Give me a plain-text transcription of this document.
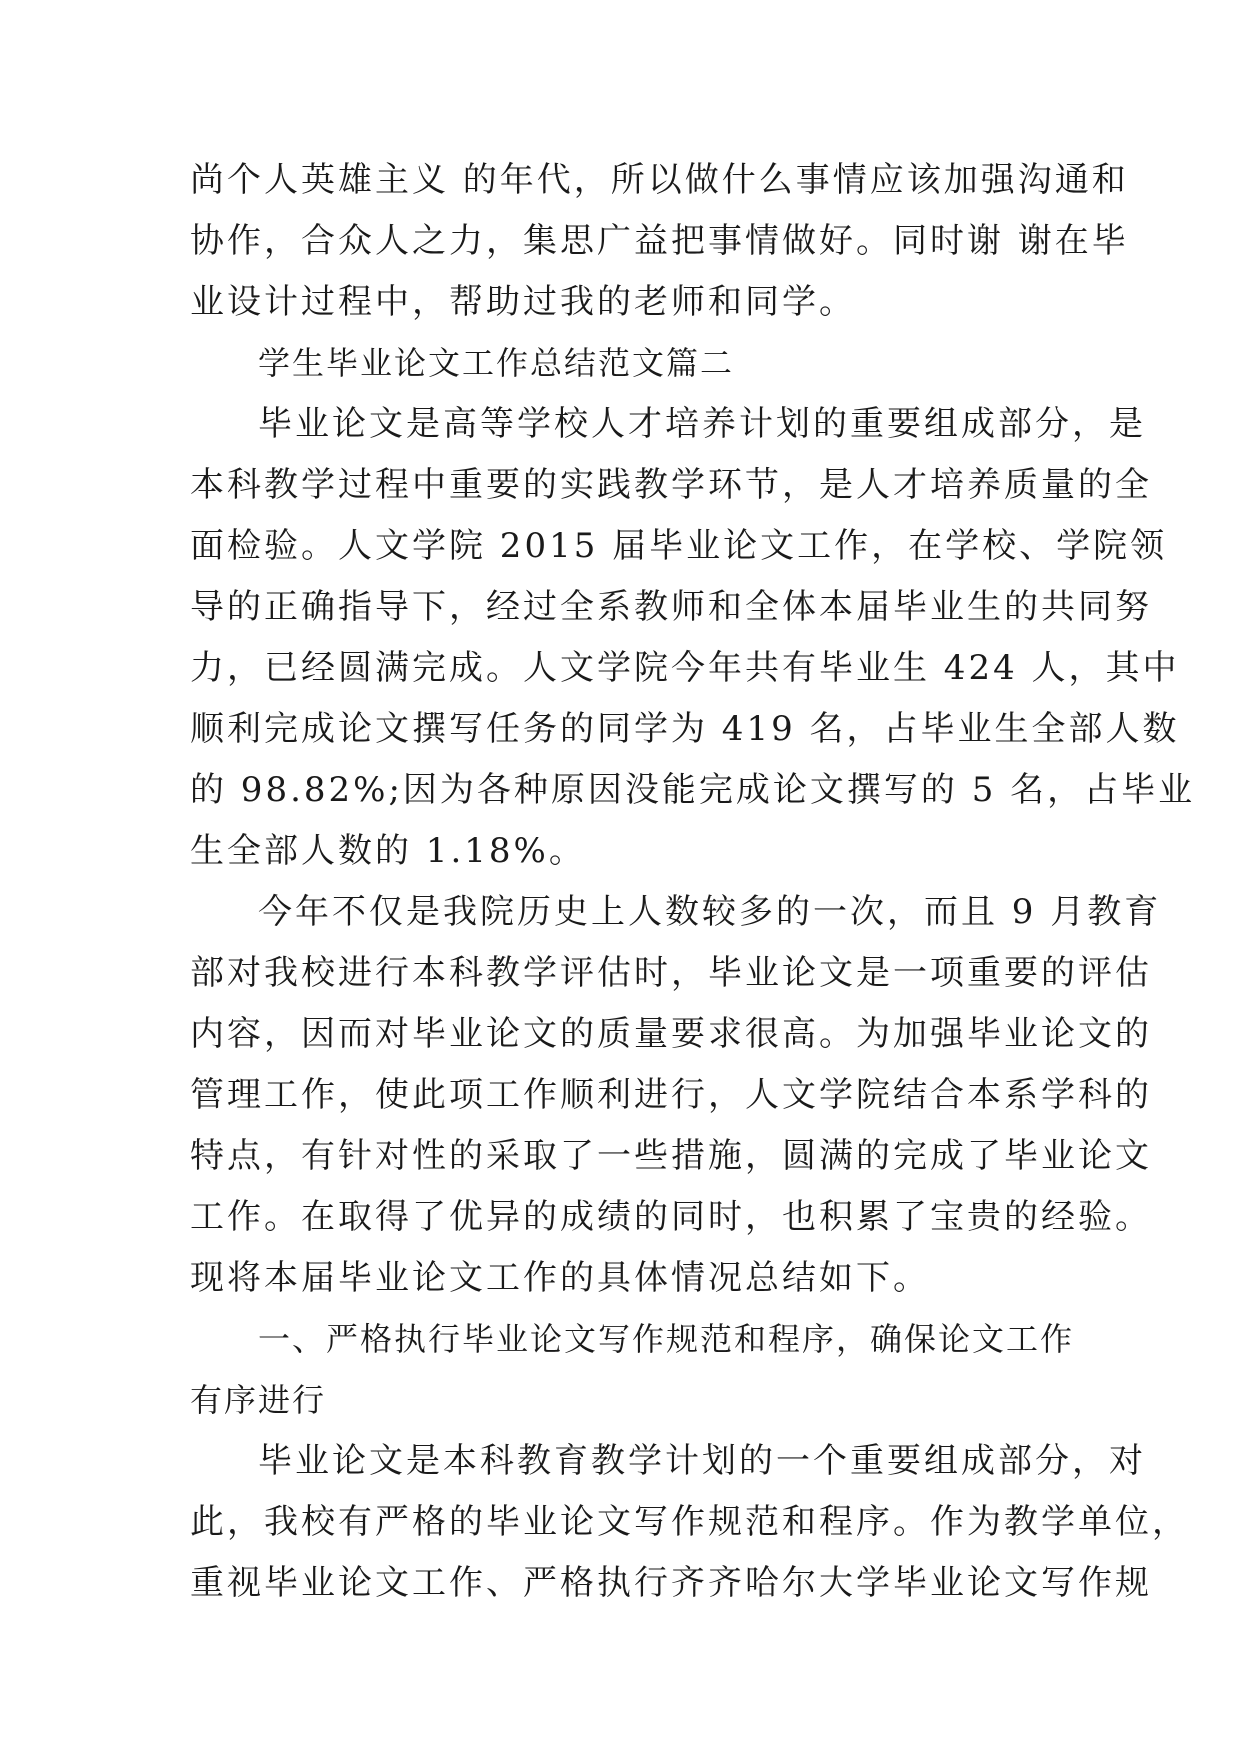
尚个人英雄主义 的年代，所以做什么事情应该加强沟通和
协作，合众人之力，集思广益把事情做好。同时谢 谢在毕
业设计过程中，帮助过我的老师和同学。
学生毕业论文工作总结范文篇二
毕业论文是高等学校人才培养计划的重要组成部分，是
本科教学过程中重要的实践教学环节，是人才培养质量的全
面检验。人文学院 2015 届毕业论文工作，在学校、学院领
导的正确指导下，经过全系教师和全体本届毕业生的共同努
力，已经圆满完成。人文学院今年共有毕业生 424 人，其中
顺利完成论文撰写任务的同学为 419 名，占毕业生全部人数
的 98.82%;因为各种原因没能完成论文撰写的 5 名，占毕业
生全部人数的 1.18%。
今年不仅是我院历史上人数较多的一次，而且 9 月教育
部对我校进行本科教学评估时，毕业论文是一项重要的评估
内容，因而对毕业论文的质量要求很高。为加强毕业论文的
管理工作，使此项工作顺利进行，人文学院结合本系学科的
特点，有针对性的采取了一些措施，圆满的完成了毕业论文
工作。在取得了优异的成绩的同时，也积累了宝贵的经验。
现将本届毕业论文工作的具体情况总结如下。
一、严格执行毕业论文写作规范和程序，确保论文工作
有序进行
毕业论文是本科教育教学计划的一个重要组成部分，对
此，我校有严格的毕业论文写作规范和程序。作为教学单位，
重视毕业论文工作、严格执行齐齐哈尔大学毕业论文写作规
